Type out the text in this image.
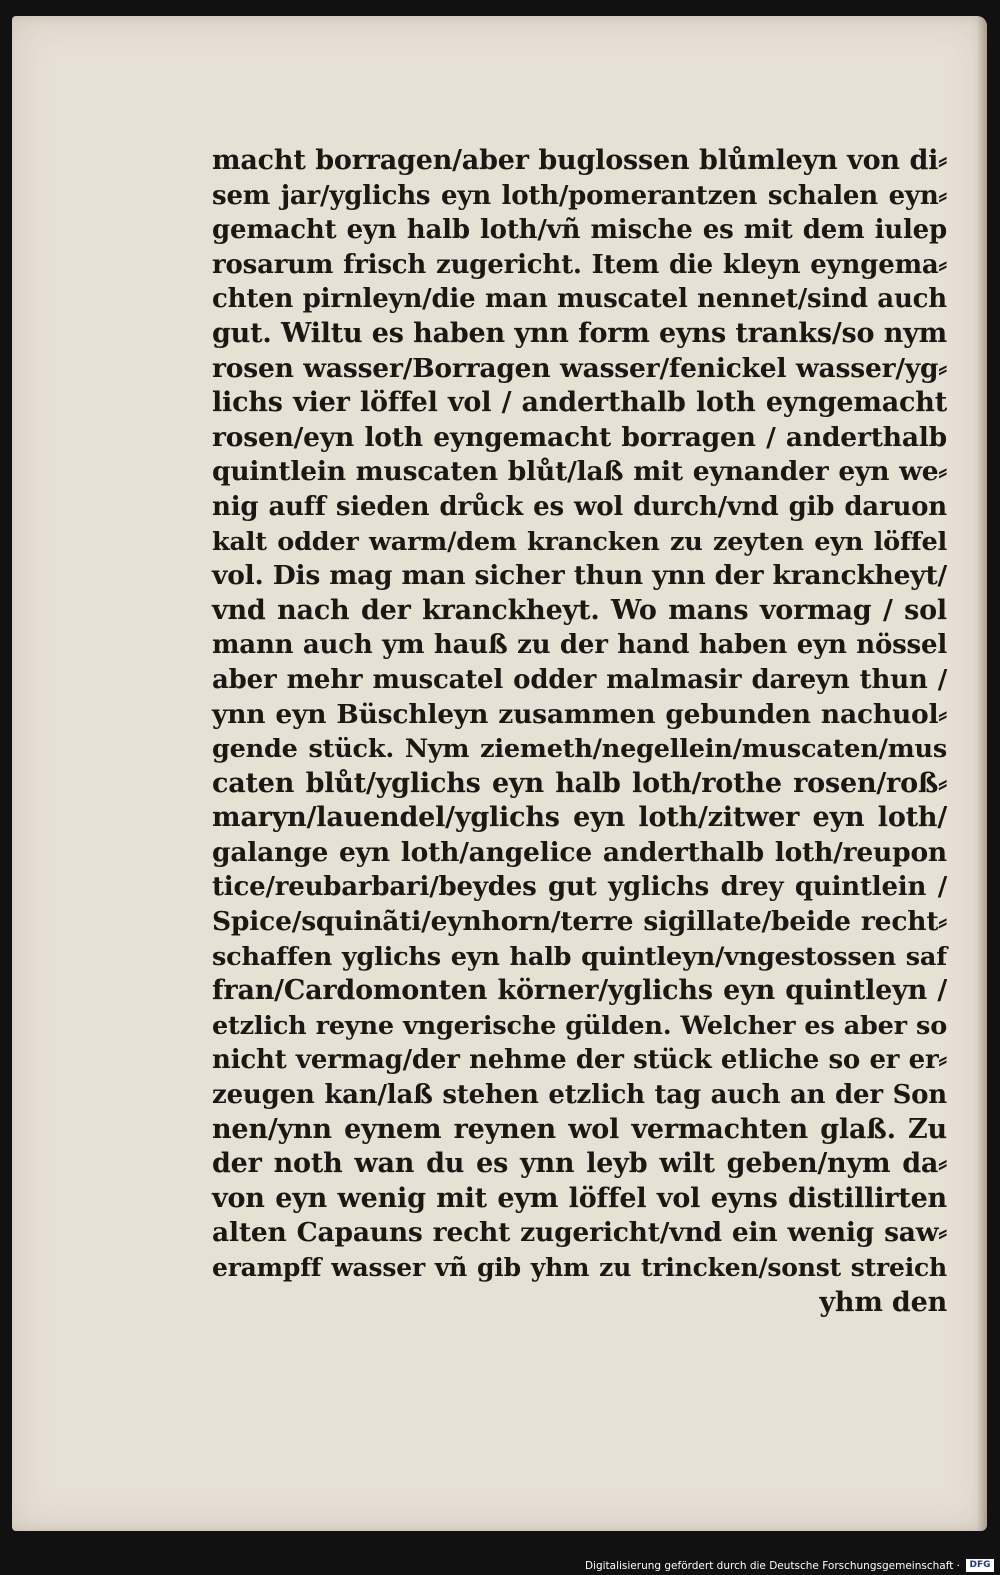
macht borragen/aber buglossen blůmleyn von di⸗
sem jar/yglichs eyn loth/pomerantzen schalen eyn⸗
gemacht eyn halb loth/vñ mische es mit dem iulep
rosarum frisch zugericht. Item die kleyn eyngema⸗
chten pirnleyn/die man muscatel nennet/sind auch
gut. Wiltu es haben ynn form eyns tranks/so nym
rosen wasser/Borragen wasser/fenickel wasser/yg⸗
lichs vier löffel vol / anderthalb loth eyngemacht
rosen/eyn loth eyngemacht borragen / anderthalb
quintlein muscaten blůt/laß mit eynander eyn we⸗
nig auff sieden drůck es wol durch/vnd gib daruon
kalt odder warm/dem krancken zu zeyten eyn löffel
vol. Dis mag man sicher thun ynn der kranckheyt/
vnd nach der kranckheyt. Wo mans vormag / sol
mann auch ym hauß zu der hand haben eyn nössel
aber mehr muscatel odder malmasir dareyn thun /
ynn eyn Büschleyn zusammen gebunden nachuol⸗
gende stück. Nym ziemeth/negellein/muscaten/mus
caten blůt/yglichs eyn halb loth/rothe rosen/roß⸗
maryn/lauendel/yglichs eyn loth/zitwer eyn loth/
galange eyn loth/angelice anderthalb loth/reupon
tice/reubarbari/beydes gut yglichs drey quintlein /
Spice/squinãti/eynhorn/terre sigillate/beide recht⸗
schaffen yglichs eyn halb quintleyn/vngestossen saf
fran/Cardomonten körner/yglichs eyn quintleyn /
etzlich reyne vngerische gülden. Welcher es aber so
nicht vermag/der nehme der stück etliche so er er⸗
zeugen kan/laß stehen etzlich tag auch an der Son
nen/ynn eynem reynen wol vermachten glaß. Zu
der noth wan du es ynn leyb wilt geben/nym da⸗
von eyn wenig mit eym löffel vol eyns distillirten
alten Capauns recht zugericht/vnd ein wenig saw⸗
erampff wasser vñ gib yhm zu trincken/sonst streich
yhm den
Digitalisierung gefördert durch die Deutsche Forschungsgemeinschaft ·	DFG
